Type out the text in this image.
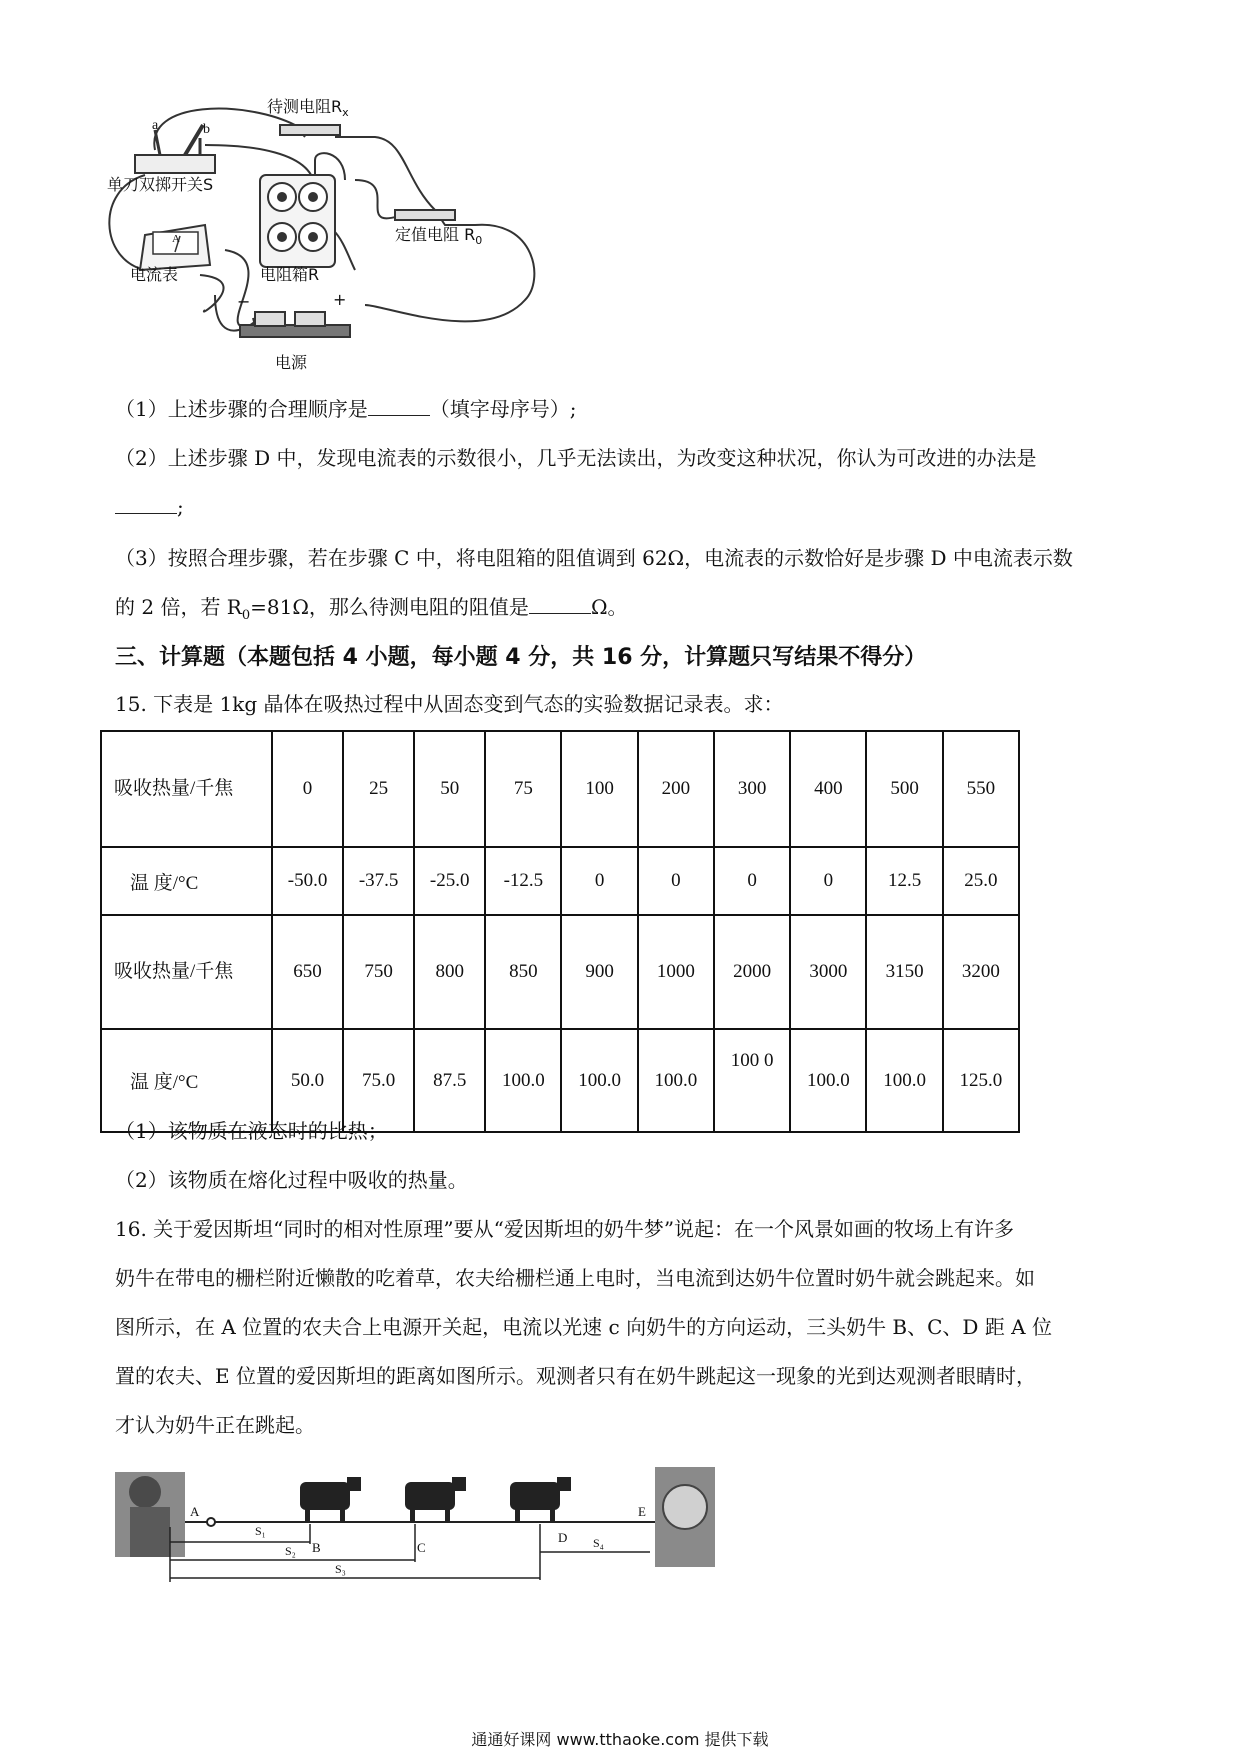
待测电阻$R_x$
a	b
单刀双掷开关S
A	定值电阻 $R_0$
电流表	电阻箱R
−	+
电源
（1）上述步骤的合理顺序是	（填字母序号）;
（2）上述步骤 D 中，发现电流表的示数很小，几乎无法读出，为改变这种状况，你认为可改进的办法是
;
（3）按照合理步骤，若在步骤 C 中，将电阻箱的阻值调到 62Ω，电流表的示数恰好是步骤 D 中电流表示数
的 2 倍，若 $R_0=81\Omega$，那么待测电阻的阻值是	Ω。
三、计算题（本题包括 4 小题，每小题 4 分，共 16 分，计算题只写结果不得分）
15. 下表是 1kg 晶体在吸热过程中从固态变到气态的实验数据记录表。求：
吸收热量/千焦	0	25	50	75	100	200	300	400	500	550
温 度/°C	-50.0	-37.5	-25.0	-12.5	0	0	0	0	12.5	25.0
吸收热量/千焦	650	750	800	850	900	1000	2000	3000	3150	3200
温 度/°C	50.0	75.0	87.5	100.0	100.0	100.0	100 0	100.0	100.0	125.0
（1）该物质在液态时的比热；
（2）该物质在熔化过程中吸收的热量。
16. 关于爱因斯坦“同时的相对性原理”要从“爱因斯坦的奶牛梦”说起：在一个风景如画的牧场上有许多
奶牛在带电的栅栏附近懒散的吃着草，农夫给栅栏通上电时，当电流到达奶牛位置时奶牛就会跳起来。如
图所示，在 A 位置的农夫合上电源开关起，电流以光速 c 向奶牛的方向运动，三头奶牛 B、C、D 距 A 位
置的农夫、E 位置的爱因斯坦的距离如图所示。观测者只有在奶牛跳起这一现象的光到达观测者眼睛时，
才认为奶牛正在跳起。
A
B	C
D
E
S₁
S₂
S₃
S₄
通通好课网 www.tthaoke.com 提供下载
